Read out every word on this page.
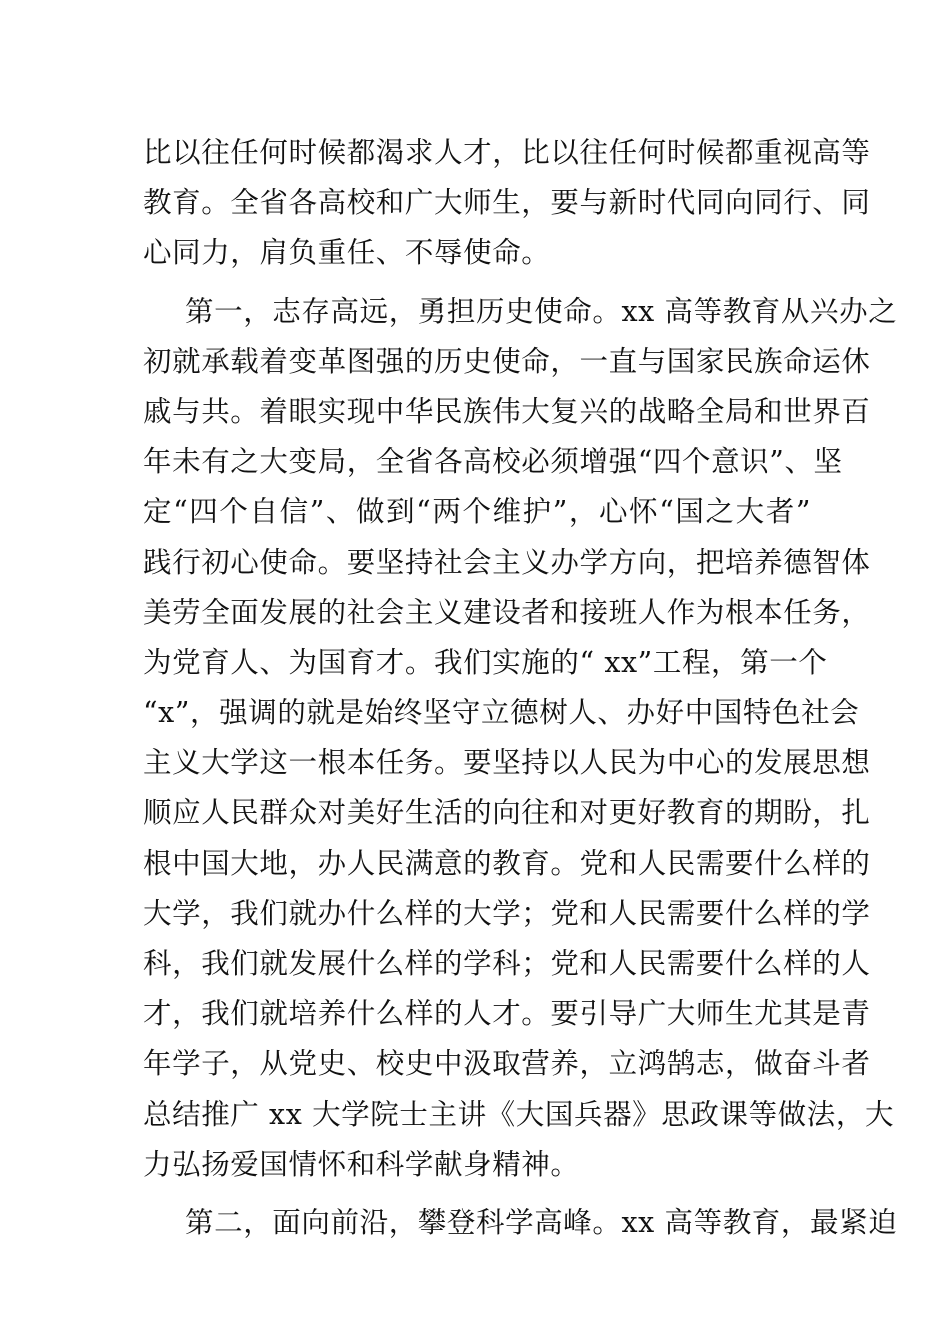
比以往任何时候都渴求人才，比以往任何时候都重视高等
教育。全省各高校和广大师生，要与新时代同向同行、同
心同力，肩负重任、不辱使命。
第一，志存高远，勇担历史使命。xx 高等教育从兴办之
初就承载着变革图强的历史使命，一直与国家民族命运休
戚与共。着眼实现中华民族伟大复兴的战略全局和世界百
年未有之大变局，全省各高校必须增强“四个意识”、坚
定“四个自信”、做到“两个维护”，心怀“国之大者”
践行初心使命。要坚持社会主义办学方向，把培养德智体
美劳全面发展的社会主义建设者和接班人作为根本任务，
为党育人、为国育才。我们实施的“ xx”工程，第一个
“x”，强调的就是始终坚守立德树人、办好中国特色社会
主义大学这一根本任务。要坚持以人民为中心的发展思想
顺应人民群众对美好生活的向往和对更好教育的期盼，扎
根中国大地，办人民满意的教育。党和人民需要什么样的
大学，我们就办什么样的大学；党和人民需要什么样的学
科，我们就发展什么样的学科；党和人民需要什么样的人
才，我们就培养什么样的人才。要引导广大师生尤其是青
年学子，从党史、校史中汲取营养，立鸿鹄志，做奋斗者
总结推广 xx 大学院士主讲《大国兵器》思政课等做法，大
力弘扬爱国情怀和科学献身精神。
第二，面向前沿，攀登科学高峰。xx 高等教育，最紧迫
